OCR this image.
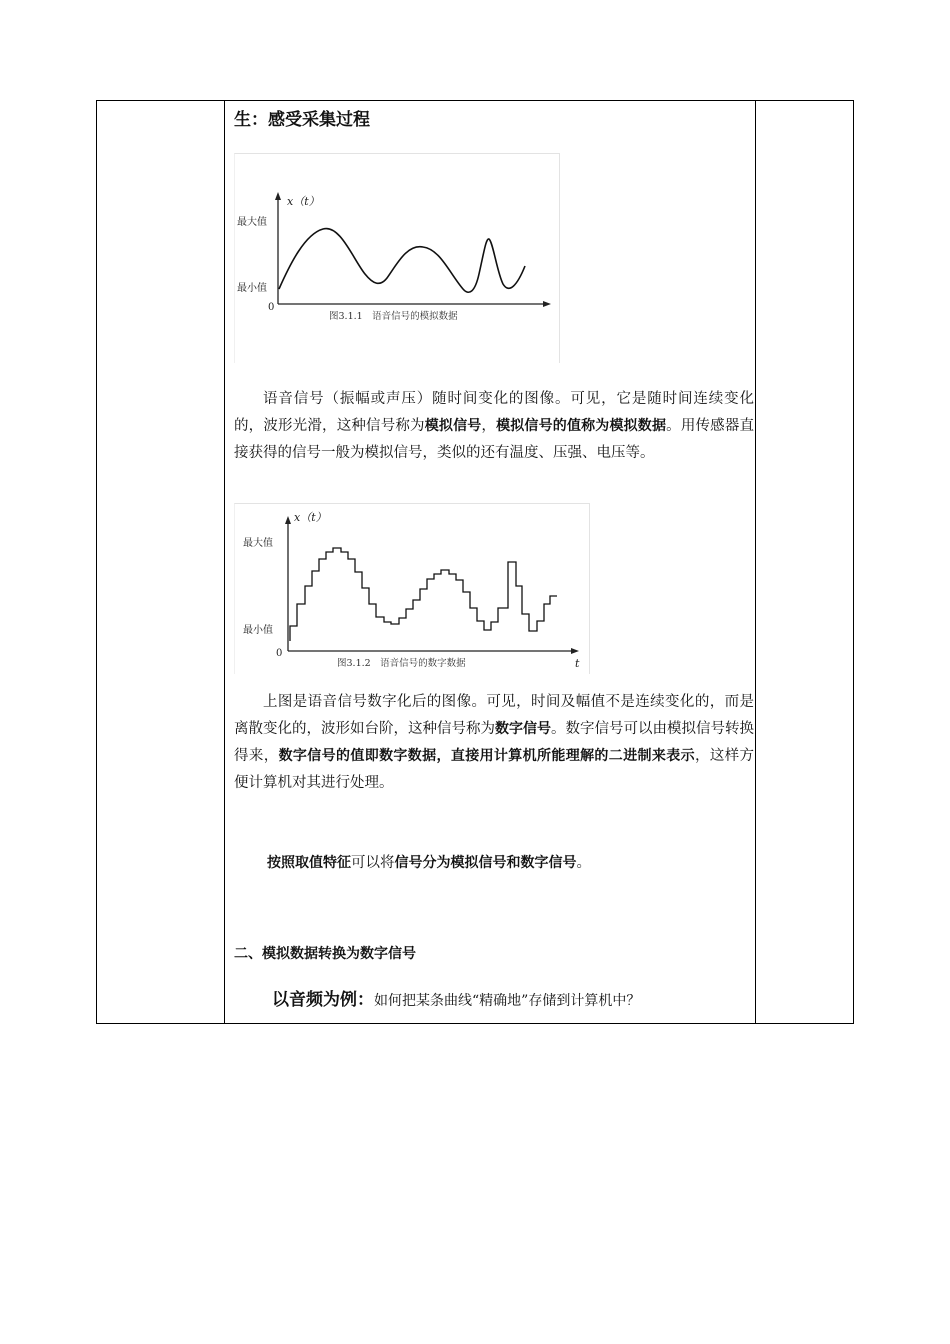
生：感受采集过程
x（t）
最大值
最小值
0
图3.1.1　语音信号的模拟数据

语音信号（振幅或声压）随时间变化的图像。可见，它是随时间连续变化的，波形光滑，这种信号称为模拟信号，模拟信号的值称为模拟数据。用传感器直接获得的信号一般为模拟信号，类似的还有温度、压强、电压等。

x（t）
t
最大值
最小值
0
图3.1.2　语音信号的数字数据

上图是语音信号数字化后的图像。可见，时间及幅值不是连续变化的，而是离散变化的，波形如台阶，这种信号称为数字信号。数字信号可以由模拟信号转换得来，数字信号的值即数字数据，直接用计算机所能理解的二进制来表示，这样方便计算机对其进行处理。

按照取值特征可以将信号分为模拟信号和数字信号。
二、模拟数据转换为数字信号
以音频为例：如何把某条曲线“精确地”存储到计算机中？
